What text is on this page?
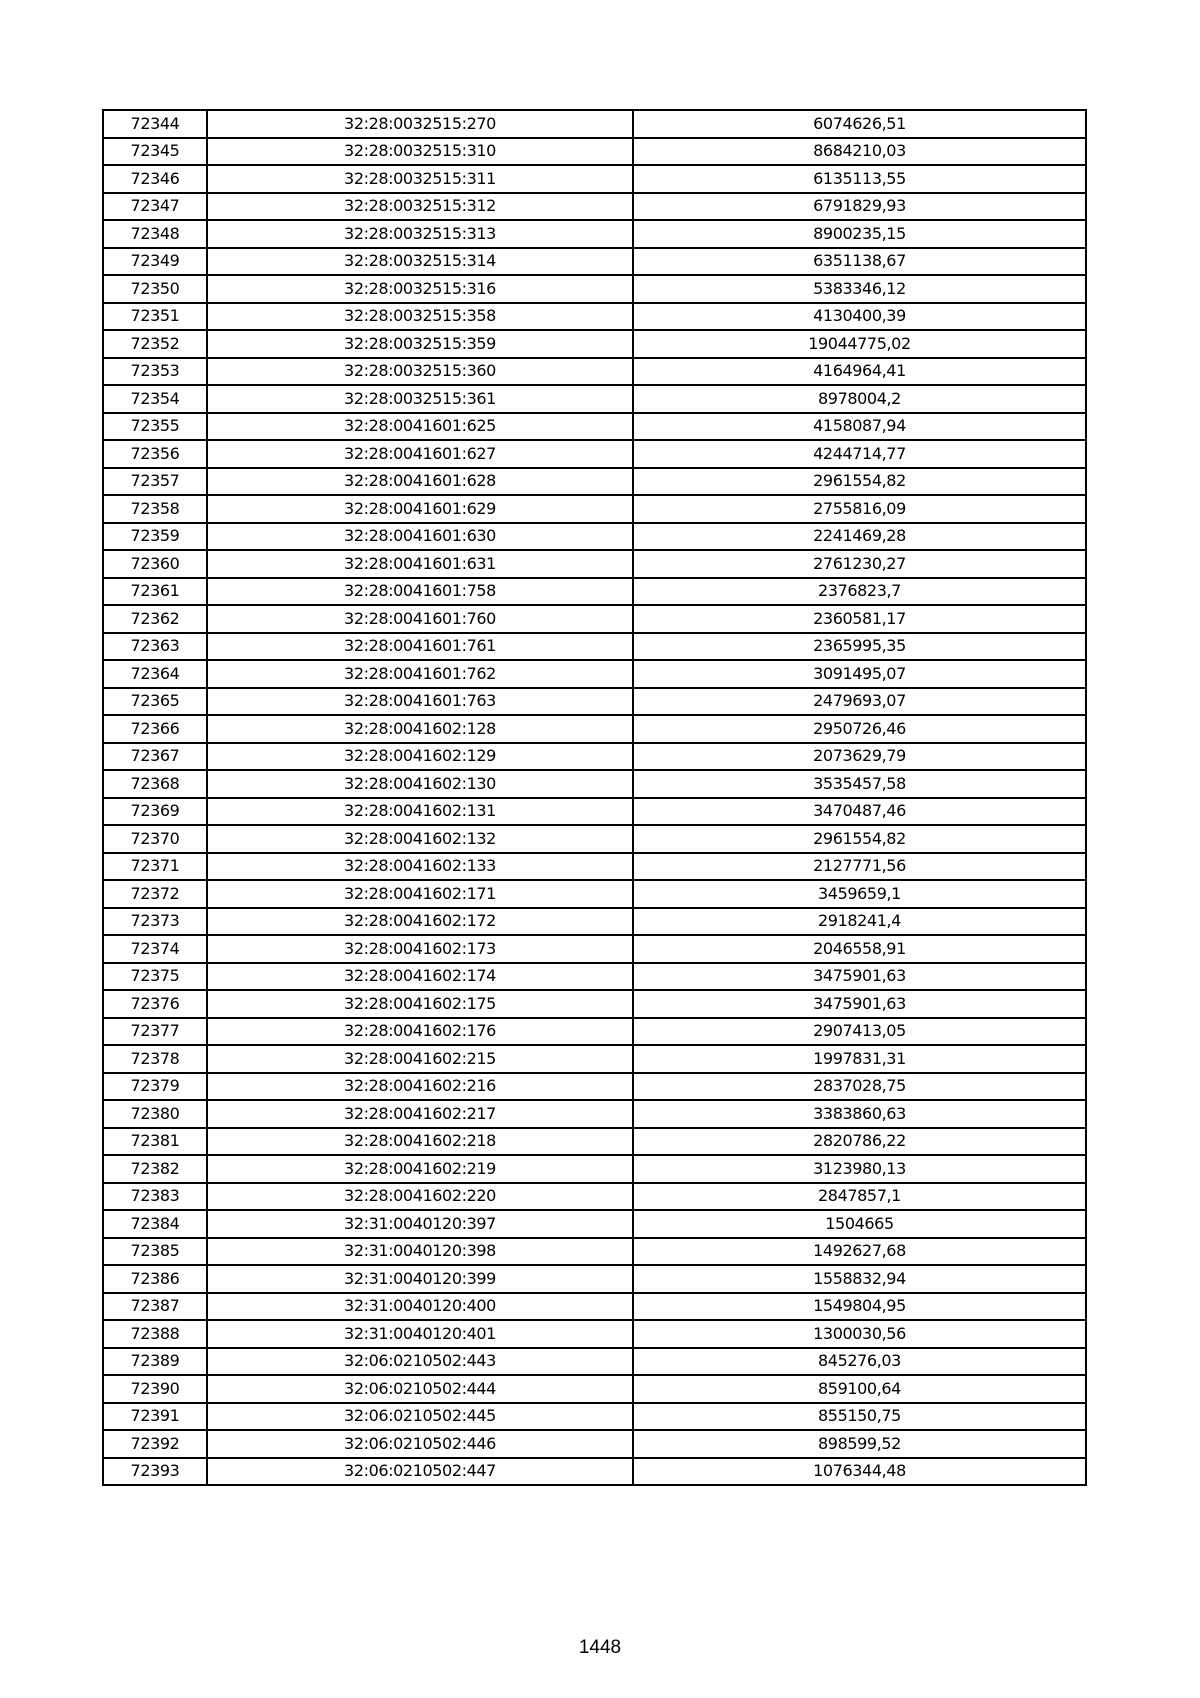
72344	32:28:0032515:270	6074626,51
72345	32:28:0032515:310	8684210,03
72346	32:28:0032515:311	6135113,55
72347	32:28:0032515:312	6791829,93
72348	32:28:0032515:313	8900235,15
72349	32:28:0032515:314	6351138,67
72350	32:28:0032515:316	5383346,12
72351	32:28:0032515:358	4130400,39
72352	32:28:0032515:359	19044775,02
72353	32:28:0032515:360	4164964,41
72354	32:28:0032515:361	8978004,2
72355	32:28:0041601:625	4158087,94
72356	32:28:0041601:627	4244714,77
72357	32:28:0041601:628	2961554,82
72358	32:28:0041601:629	2755816,09
72359	32:28:0041601:630	2241469,28
72360	32:28:0041601:631	2761230,27
72361	32:28:0041601:758	2376823,7
72362	32:28:0041601:760	2360581,17
72363	32:28:0041601:761	2365995,35
72364	32:28:0041601:762	3091495,07
72365	32:28:0041601:763	2479693,07
72366	32:28:0041602:128	2950726,46
72367	32:28:0041602:129	2073629,79
72368	32:28:0041602:130	3535457,58
72369	32:28:0041602:131	3470487,46
72370	32:28:0041602:132	2961554,82
72371	32:28:0041602:133	2127771,56
72372	32:28:0041602:171	3459659,1
72373	32:28:0041602:172	2918241,4
72374	32:28:0041602:173	2046558,91
72375	32:28:0041602:174	3475901,63
72376	32:28:0041602:175	3475901,63
72377	32:28:0041602:176	2907413,05
72378	32:28:0041602:215	1997831,31
72379	32:28:0041602:216	2837028,75
72380	32:28:0041602:217	3383860,63
72381	32:28:0041602:218	2820786,22
72382	32:28:0041602:219	3123980,13
72383	32:28:0041602:220	2847857,1
72384	32:31:0040120:397	1504665
72385	32:31:0040120:398	1492627,68
72386	32:31:0040120:399	1558832,94
72387	32:31:0040120:400	1549804,95
72388	32:31:0040120:401	1300030,56
72389	32:06:0210502:443	845276,03
72390	32:06:0210502:444	859100,64
72391	32:06:0210502:445	855150,75
72392	32:06:0210502:446	898599,52
72393	32:06:0210502:447	1076344,48
1448
